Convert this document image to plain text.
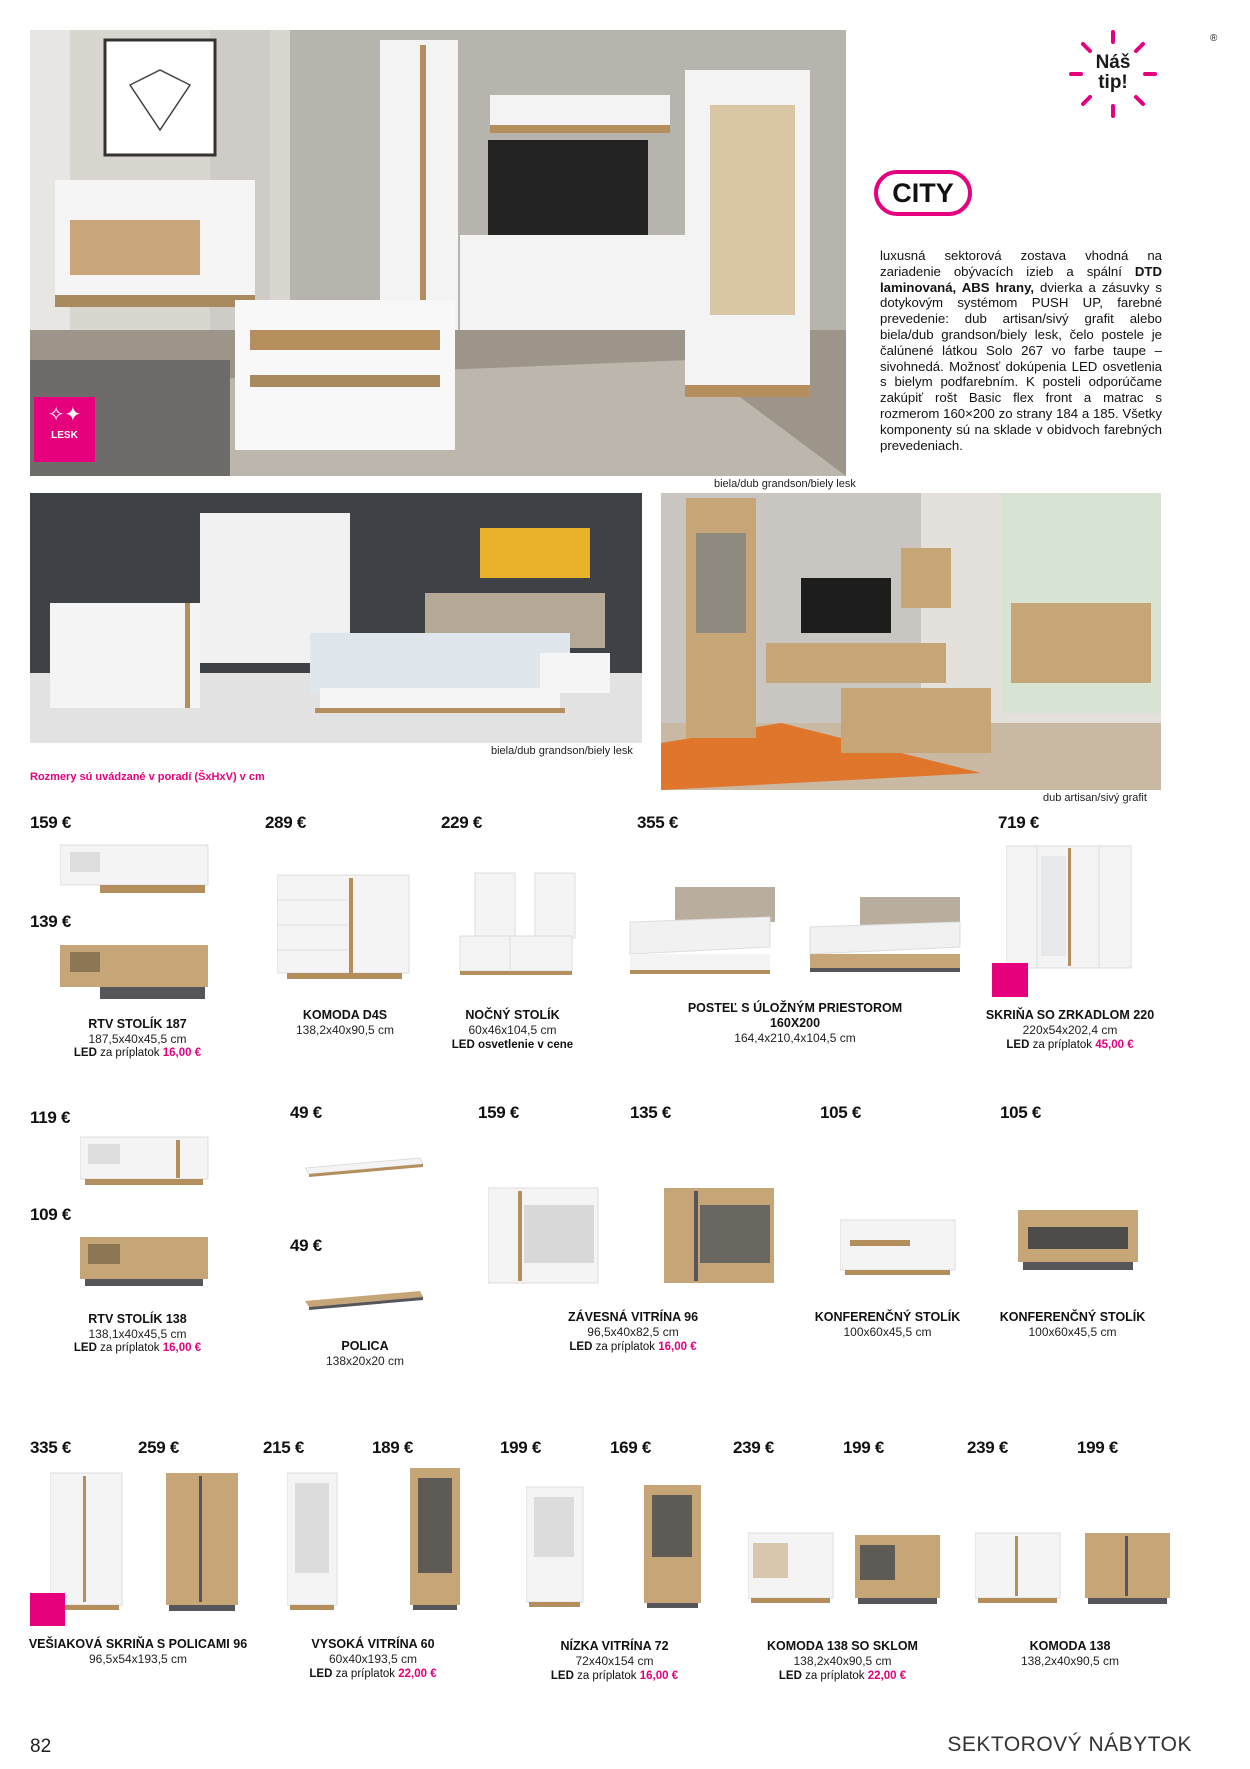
✧✦
LESK
biela/dub grandson/biely lesk
Náš
tip!
®
CITY
luxusná sektorová zostava vhodná na zariadenie obývacích izieb a spální DTD laminovaná, ABS hrany, dvierka a zásuvky s dotykovým systémom PUSH UP, farebné prevedenie: dub artisan/sivý grafit alebo biela/dub grandson/biely lesk, čelo postele je čalúnené látkou Solo 267 vo farbe taupe – sivohnedá. Možnosť dokúpenia LED osvetlenia s bielym podfarebním. K posteli odporúčame zakúpiť rošt Basic flex front a matrac s rozmerom 160×200 zo strany 184 a 185. Všetky komponenty sú na sklade v obidvoch farebných prevedeniach.
biela/dub grandson/biely lesk
dub artisan/sivý grafit
Rozmery sú uvádzané v poradí (ŠxHxV) v cm
159 €
139 €
RTV STOLÍK 187
187,5x40x45,5 cm
LED za príplatok 16,00 €
289 €
KOMODA D4S
138,2x40x90,5 cm
229 €
NOČNÝ STOLÍK
60x46x104,5 cm
LED osvetlenie v cene
355 €
POSTEĽ S ÚLOŽNÝM PRIESTOROM
160X200
164,4x210,4x104,5 cm
719 €
SKRIŇA SO ZRKADLOM 220
220x54x202,4 cm
LED za príplatok 45,00 €
119 €
109 €
RTV STOLÍK 138
138,1x40x45,5 cm
LED za príplatok 16,00 €
49 €
49 €
POLICA
138x20x20 cm
159 €	135 €
ZÁVESNÁ VITRÍNA 96
96,5x40x82,5 cm
LED za príplatok 16,00 €
105 €
KONFERENČNÝ STOLÍK
100x60x45,5 cm
105 €
KONFERENČNÝ STOLÍK
100x60x45,5 cm
335 €	259 €
VEŠIAKOVÁ SKRIŇA S POLICAMI 96
96,5x54x193,5 cm
215 €	189 €
VYSOKÁ VITRÍNA 60
60x40x193,5 cm
LED za príplatok 22,00 €
199 €	169 €
NÍZKA VITRÍNA 72
72x40x154 cm
LED za príplatok 16,00 €
239 €	199 €
KOMODA 138 SO SKLOM
138,2x40x90,5 cm
LED za príplatok 22,00 €
239 €	199 €
KOMODA 138
138,2x40x90,5 cm
82	SEKTOROVÝ NÁBYTOK
